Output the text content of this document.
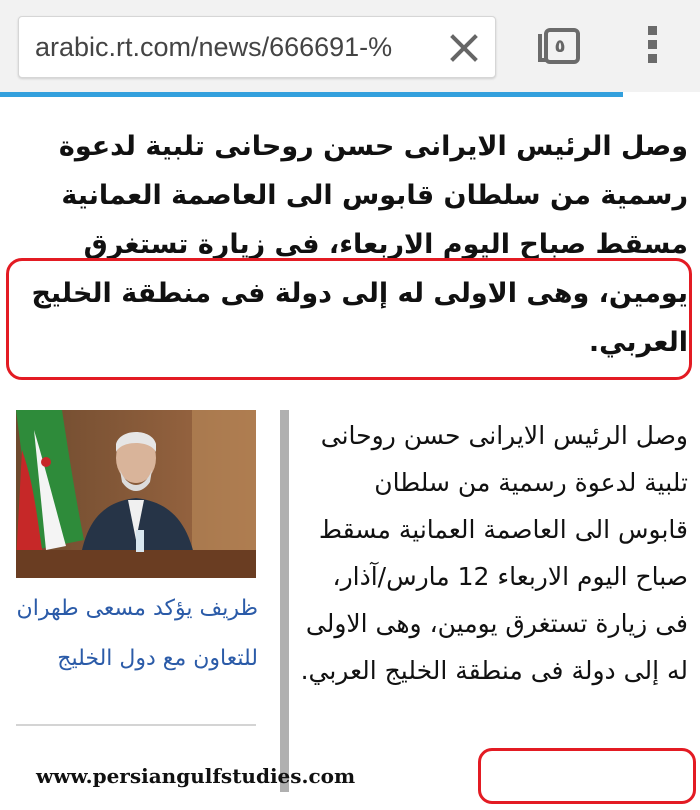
arabic.rt.com/news/666691-%	٥
وصل الرئيس الايرانى حسن روحانى تلبية لدعوة رسمية من سلطان قابوس الى العاصمة العمانية مسقط صباح اليوم الاربعاء، فى زيارة تستغرق يومين، وهى الاولى له إلى دولة فى منطقة الخليج العربي.
ظريف يؤكد مسعى طهران للتعاون مع دول الخليج
وصل الرئيس الايرانى حسن روحانى تلبية لدعوة رسمية من سلطان قابوس الى العاصمة العمانية مسقط صباح اليوم الاربعاء 12 مارس/آذار، فى زيارة تستغرق يومين، وهى الاولى له إلى دولة فى منطقة الخليج العربي.
www.persiangulfstudies.com
